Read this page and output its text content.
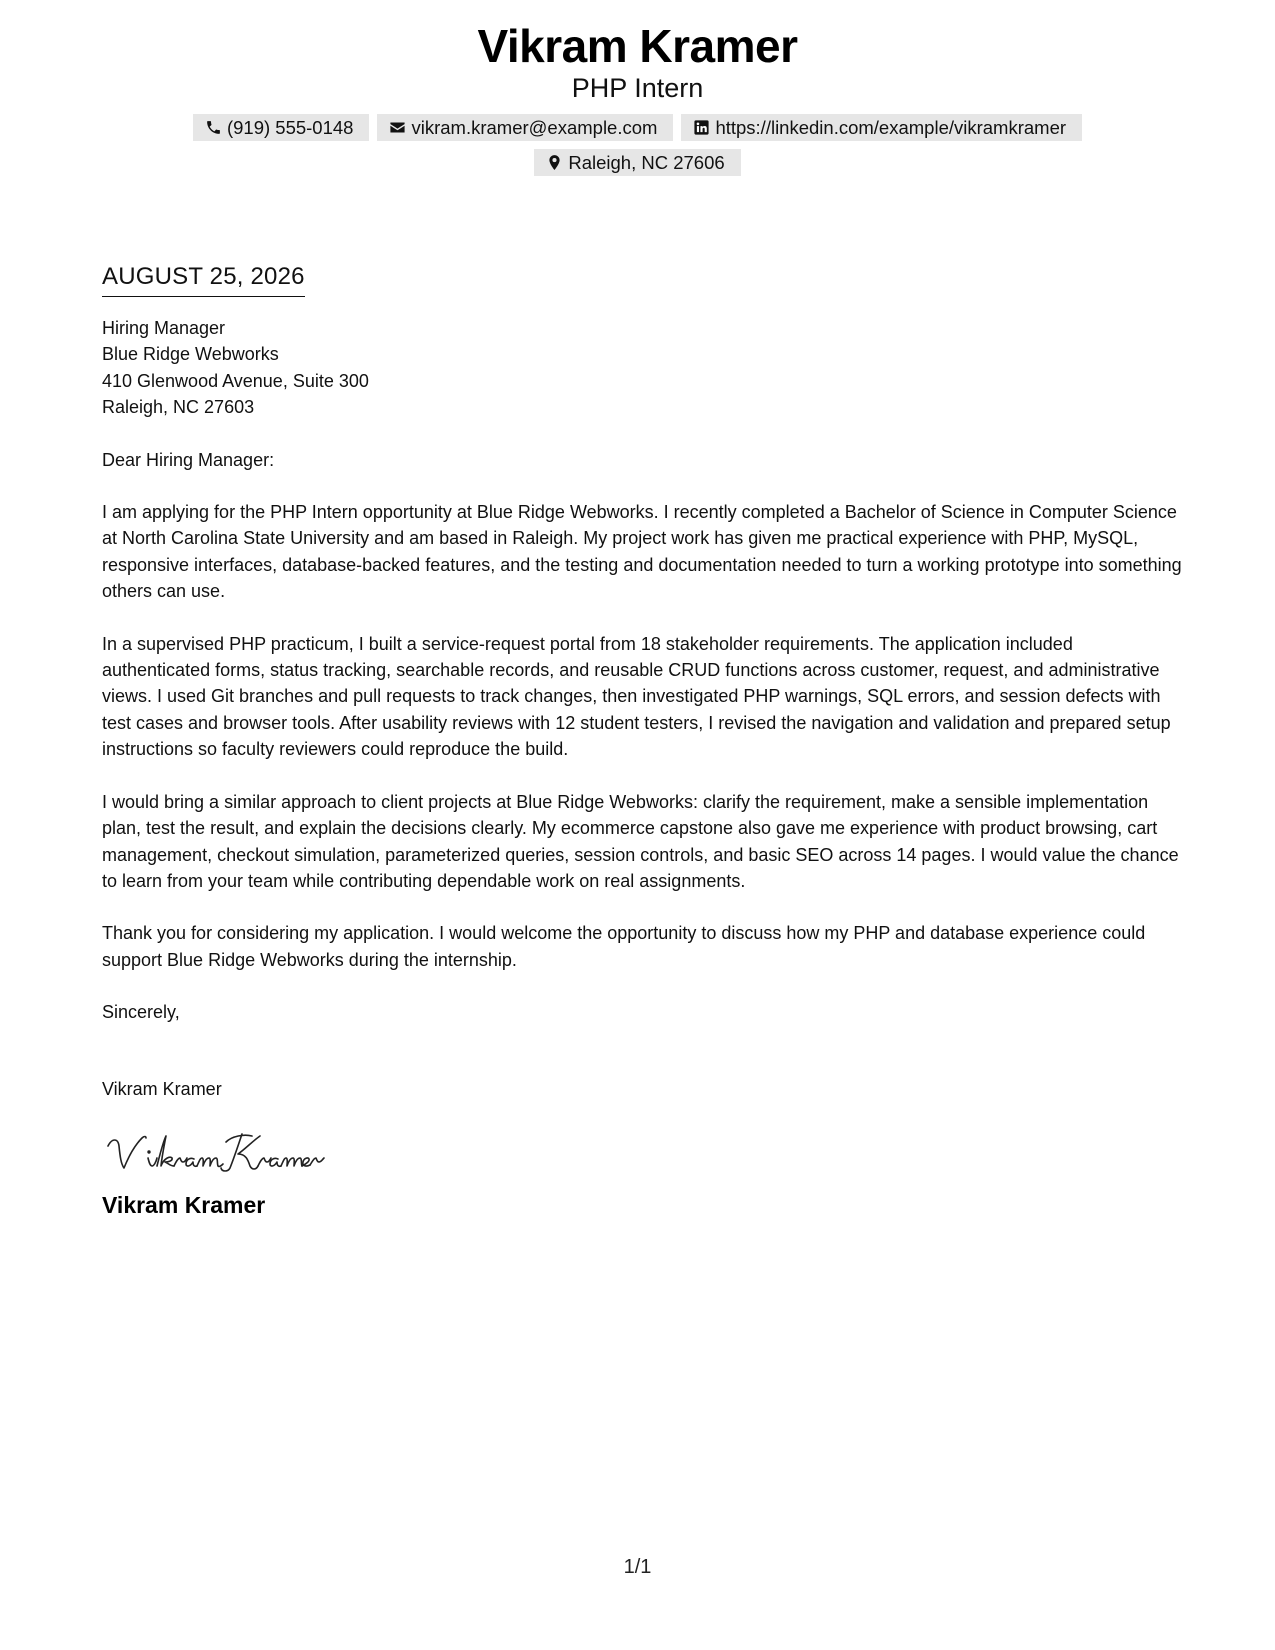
Vikram Kramer
PHP Intern
(919) 555-0148	vikram.kramer@example.com	https://linkedin.com/example/vikramkramer
Raleigh, NC 27606
AUGUST 25, 2026
Hiring Manager
Blue Ridge Webworks
410 Glenwood Avenue, Suite 300
Raleigh, NC 27603
Dear Hiring Manager:
I am applying for the PHP Intern opportunity at Blue Ridge Webworks. I recently completed a Bachelor of Science in Computer Science at North Carolina State University and am based in Raleigh. My project work has given me practical experience with PHP, MySQL, responsive interfaces, database-backed features, and the testing and documentation needed to turn a working prototype into something others can use.
In a supervised PHP practicum, I built a service-request portal from 18 stakeholder requirements. The application included authenticated forms, status tracking, searchable records, and reusable CRUD functions across customer, request, and administrative views. I used Git branches and pull requests to track changes, then investigated PHP warnings, SQL errors, and session defects with test cases and browser tools. After usability reviews with 12 student testers, I revised the navigation and validation and prepared setup instructions so faculty reviewers could reproduce the build.
I would bring a similar approach to client projects at Blue Ridge Webworks: clarify the requirement, make a sensible implementation plan, test the result, and explain the decisions clearly. My ecommerce capstone also gave me experience with product browsing, cart management, checkout simulation, parameterized queries, session controls, and basic SEO across 14 pages. I would value the chance to learn from your team while contributing dependable work on real assignments.
Thank you for considering my application. I would welcome the opportunity to discuss how my PHP and database experience could support Blue Ridge Webworks during the internship.
Sincerely,
Vikram Kramer
Vikram Kramer
1/1
